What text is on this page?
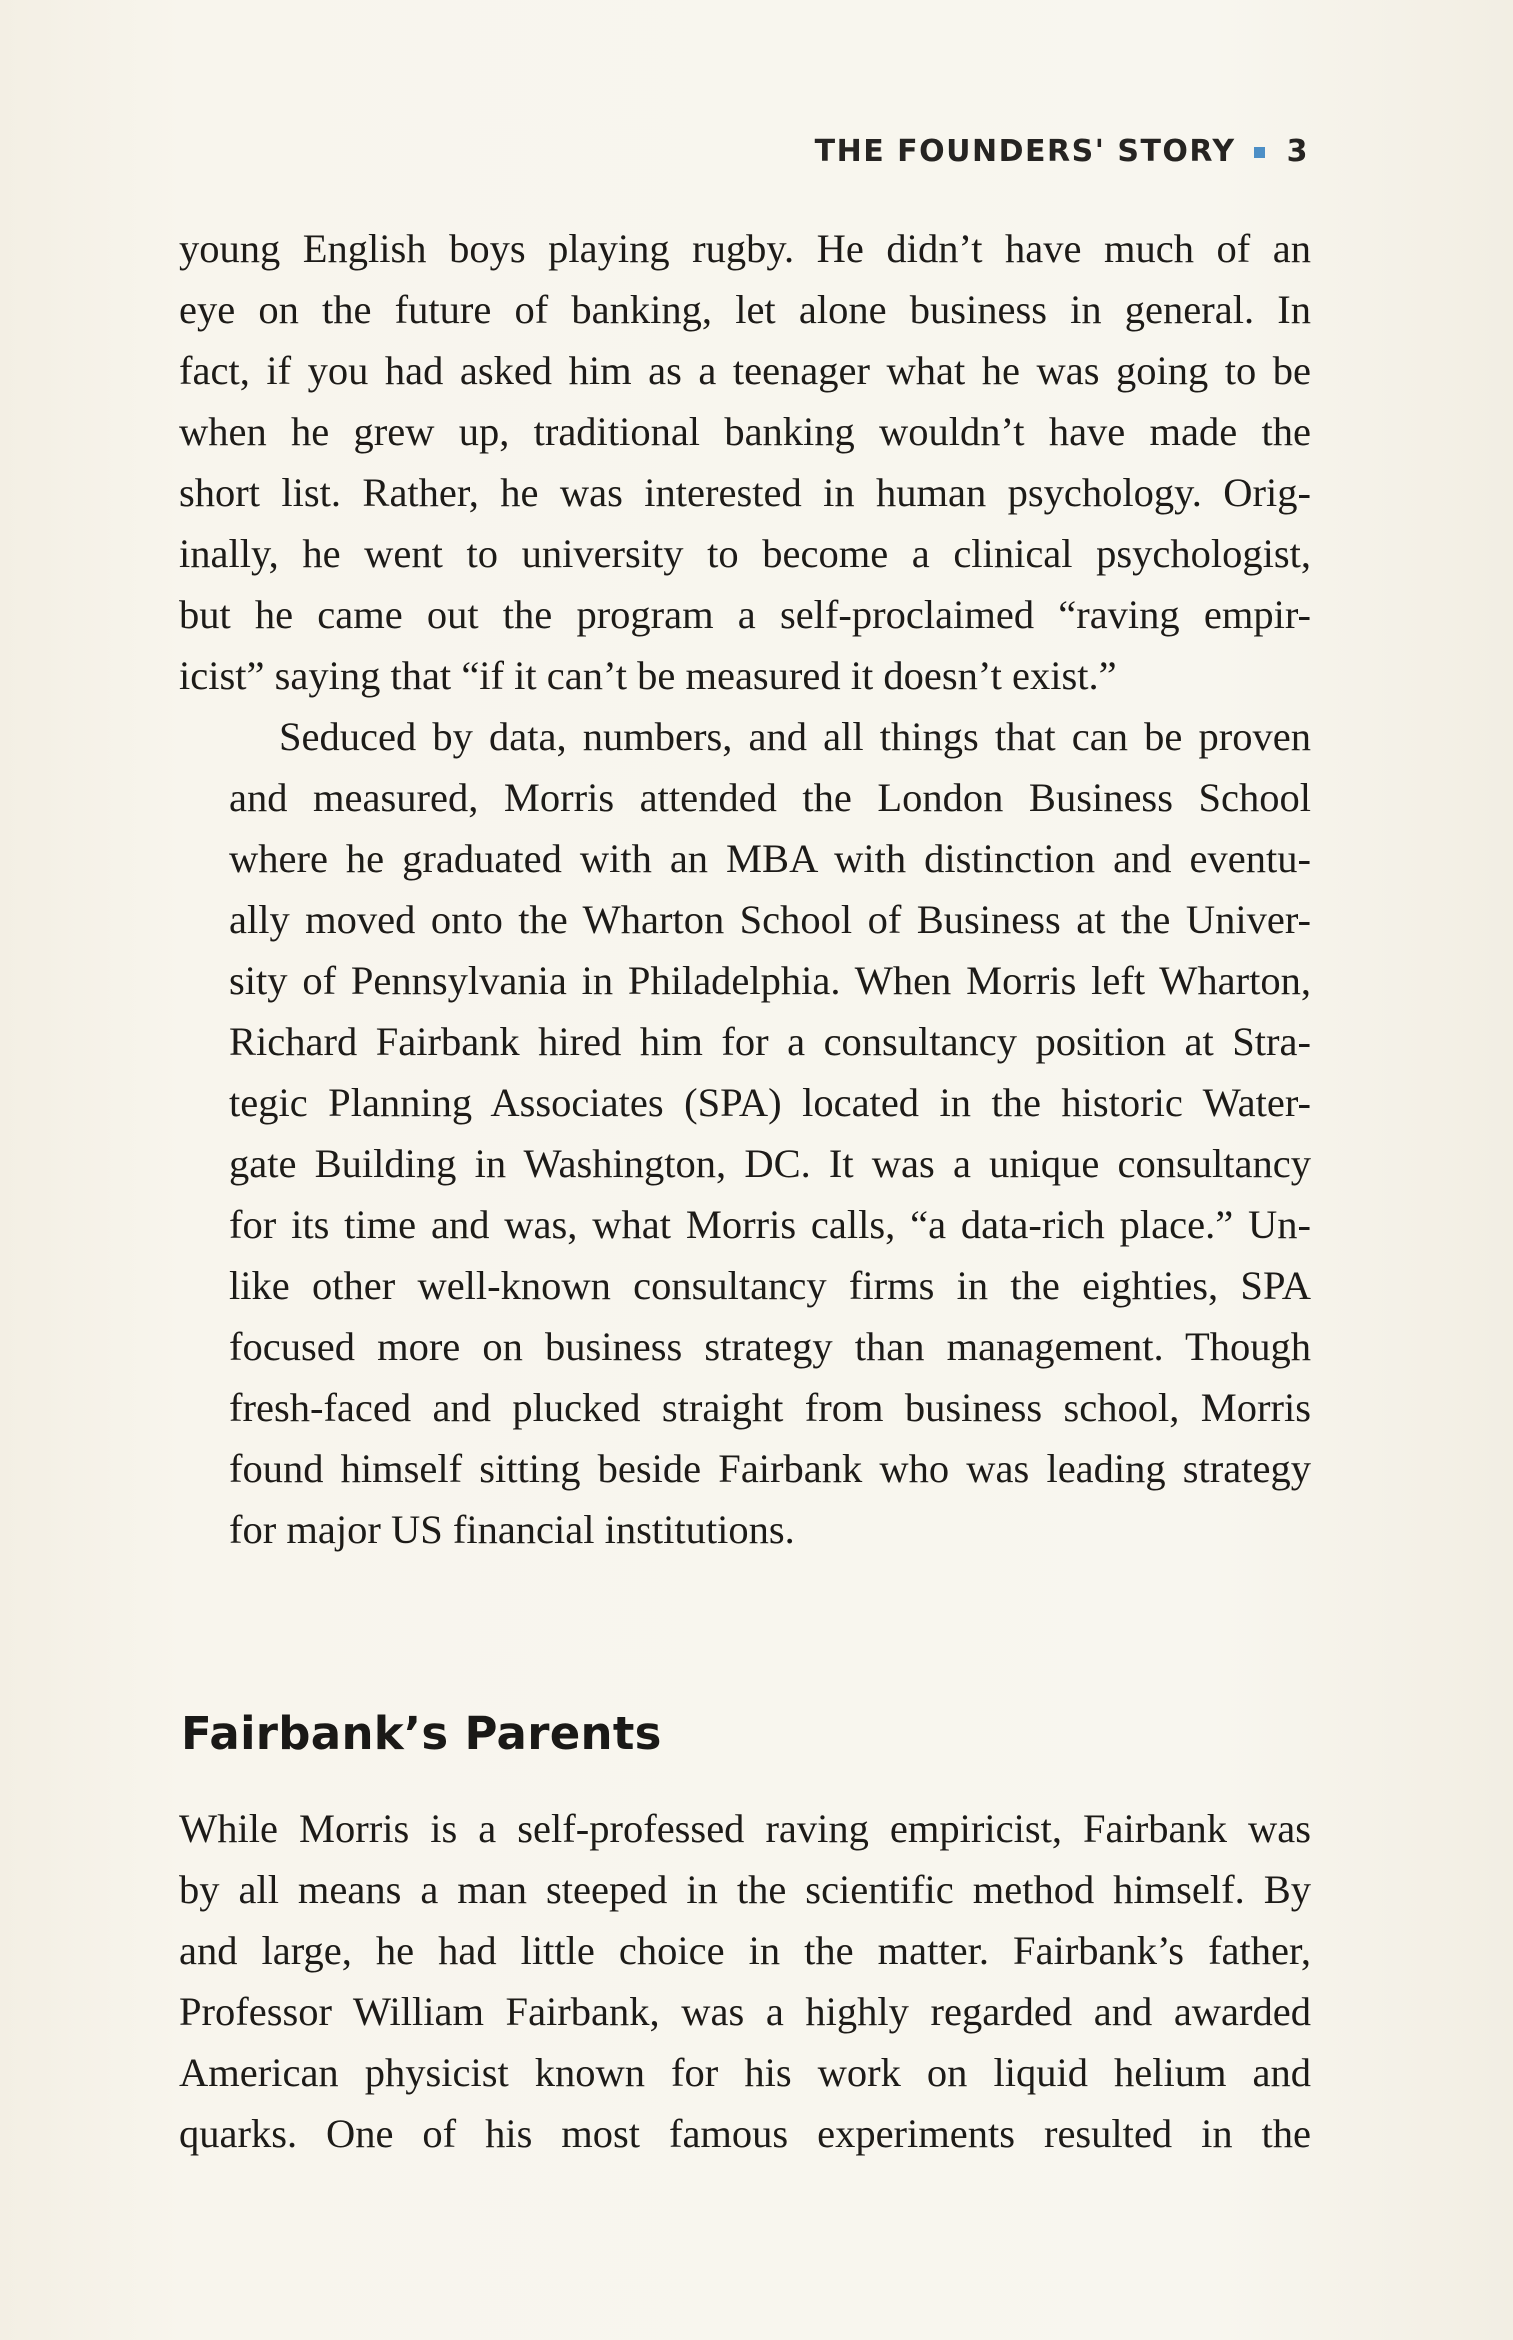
THE FOUNDERS' STORY 3

young English boys playing rugby. He didn’t have much of an
eye on the future of banking, let alone business in general. In
fact, if you had asked him as a teenager what he was going to be
when he grew up, traditional banking wouldn’t have made the
short list. Rather, he was interested in human psychology. Orig-
inally, he went to university to become a clinical psychologist,
but he came out the program a self-proclaimed “raving empir-
icist” saying that “if it can’t be measured it doesn’t exist.”

Seduced by data, numbers, and all things that can be proven
and measured, Morris attended the London Business School
where he graduated with an MBA with distinction and eventu-
ally moved onto the Wharton School of Business at the Univer-
sity of Pennsylvania in Philadelphia. When Morris left Wharton,
Richard Fairbank hired him for a consultancy position at Stra-
tegic Planning Associates (SPA) located in the historic Water-
gate Building in Washington, DC. It was a unique consultancy
for its time and was, what Morris calls, “a data-rich place.” Un-
like other well-known consultancy firms in the eighties, SPA
focused more on business strategy than management. Though
fresh-faced and plucked straight from business school, Morris
found himself sitting beside Fairbank who was leading strategy
for major US financial institutions.

Fairbank’s Parents

While Morris is a self-professed raving empiricist, Fairbank was
by all means a man steeped in the scientific method himself. By
and large, he had little choice in the matter. Fairbank’s father,
Professor William Fairbank, was a highly regarded and awarded
American physicist known for his work on liquid helium and
quarks. One of his most famous experiments resulted in the
